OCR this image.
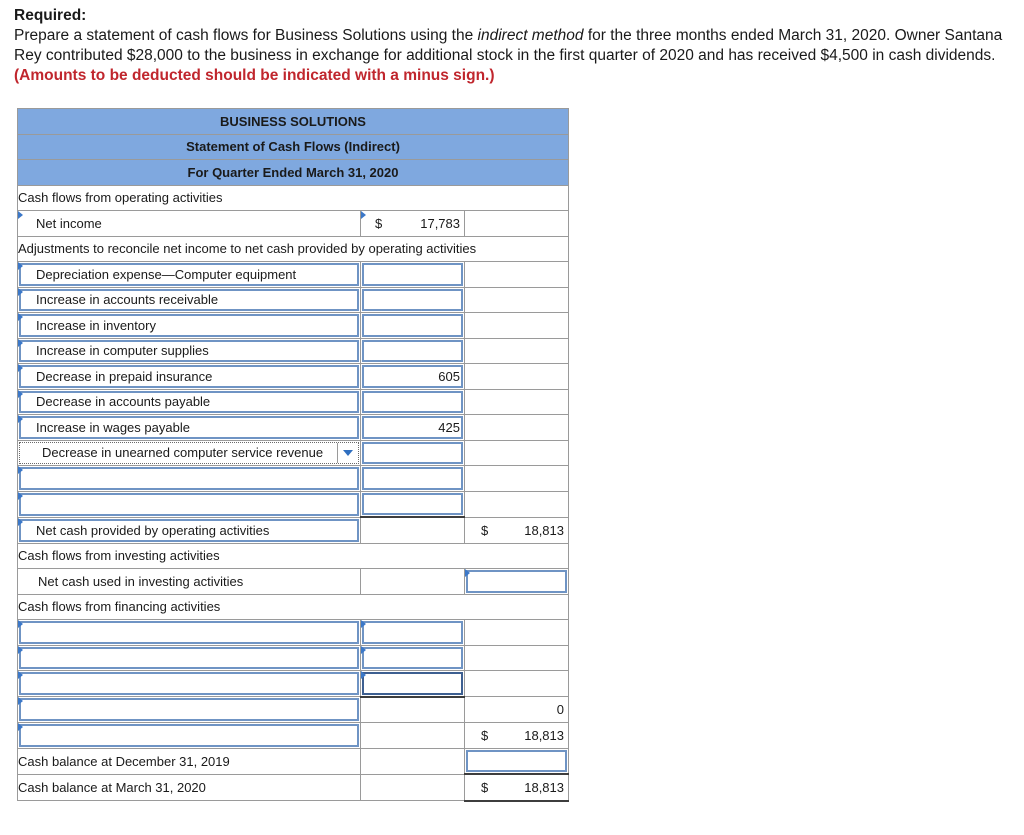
Required:
Prepare a statement of cash flows for Business Solutions using the indirect method for the three months ended March 31, 2020. Owner Santana Rey contributed $28,000 to the business in exchange for additional stock in the first quarter of 2020 and has received $4,500 in cash dividends. (Amounts to be deducted should be indicated with a minus sign.)
BUSINESS SOLUTIONS		
Statement of Cash Flows (Indirect)		
For Quarter Ended March 31, 2020		
Cash flows from operating activities		

Net income	$ 17,783	

Adjustments to reconcile net income to net cash provided by operating activities		

Depreciation expense—Computer equipment		

Increase in accounts receivable		

Increase in inventory		

Increase in computer supplies		

Decrease in prepaid insurance	605	

Decrease in accounts payable		

Increase in wages payable	425	

Decrease in unearned computer service revenue		

Net cash provided by operating activities		$ 18,813

Cash flows from investing activities		
Net cash used in investing activities		

Cash flows from financing activities		

0

$ 18,813

Cash balance at December 31, 2019		

Cash balance at March 31, 2020		$ 18,813
